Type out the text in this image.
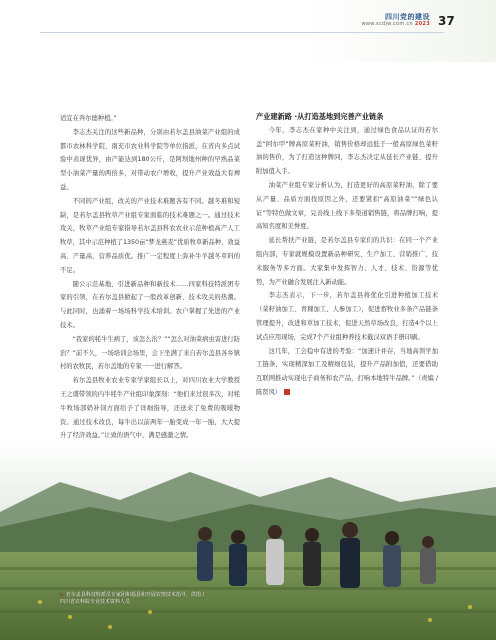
四川党的建设
www.scdjw.com.cn 2023 37

适宜在奔尔德种植。”

李志杰关注的这些新品种，分别由若尔盖县油菜产业组的成都市农林科学院、南充市农业科学院等单位指派，在省内多点试验中表现优异，由产能达到180公斤，是阿坝地州种的早熟品菜型小油菜产量的两倍多，对带动农户增收，提升产业效益大有裨益。

不同的产业组，改关的产业技术难题各有不同。越冬难和短缺，是若尔盖县牧草产业组专家面临的技术难题之一。通过技术攻关，牧草产业组专家指导若尔盖县科农农业示范种植高产人工牧草，其中示范种植了1350亩“梦龙燕麦”优质牧草新品种，效益高、产量高、营养品质优。推广一定程度上弥补牛羊越冬草料的不足。

随公示范基地、引进新品种和新技术……四家科技特派团专家的引领，在若尔盖县掀起了一股改革创新、技术攻关的热潮。与此同时，也涌着一场场科学技术培训。农户掌握了先进的产业技术。

“我家的牦牛生病了，该怎么治？”“怎么对油菜病虫害进行防治？”前不久，一场培训会场里，会下坐满了来自若尔盖县各乡镇村的农牧民，若尔盖地的专家一一进行解答。

若尔盖县牧业农业专家学家组长以上，对四川农业大学教授王之盛带领的内牛牦牛产业组印象深刻：“他们来过很多次，对牦牛牧场部奶补饲方面给予了详细指导，还送来了免费的吸暖物资。通过技术改良，每牛出以前两年一胎变成一年一胎，大大提升了经济效益。”让致的语气中，满是感激之情。

产业建新路 ·从打造基地到完善产业链条

今年，李志杰在家种中关注到，通过绿色食品认证的若尔盖“阿尔甲”牌高原菜籽油，销售价格却远低于一般高原绿色菜籽油的售价，为了打造这种牌同，李志杰决定从延长产业链、提升附加值入手。

油菜产业组专家分析认为，打造更好的高原菜籽油，除了要从产量、品质方面找原因之外，还要紧扣“高原油菜”“绿色认证”等特色做文章，完善线上线下多渠道销售链，将品牌打响，提高知名度和美誉度。

延长帮扶产业链，是若尔盖县专家们的共识：在同一个产业组内部，专家就规模设置新品种研究、生产加工、营销推广、技术服务等多方面。大家集中发挥智力、人才、技术、资源等优势，为产业融合发展注入新动能。

李志杰表示，下一步，若尔盖县将优化引进种植加工技术（菜籽油加工、青稞加工、人参加工），促进畜牧业多条产品链条管理提升，改进和草加工技术，促进天然草场改良，打造4个以上试点应用现场，完成7个产业组种养技术截汉双语手册印刷。

这几年，工会稳中有进的考验：“加速计并存，当地高领学加工链条，实现精深加工及精细包装，提升产品附加值，还要借助互联网推动实现电子商务和农产品，打响本地特牛品牌。”（责编 / 陈贤风）

▷ 若尔盖县科技特派员专家团和福县和开展农情技术指导，供图 / 四川省农科院专业技术资料人员
